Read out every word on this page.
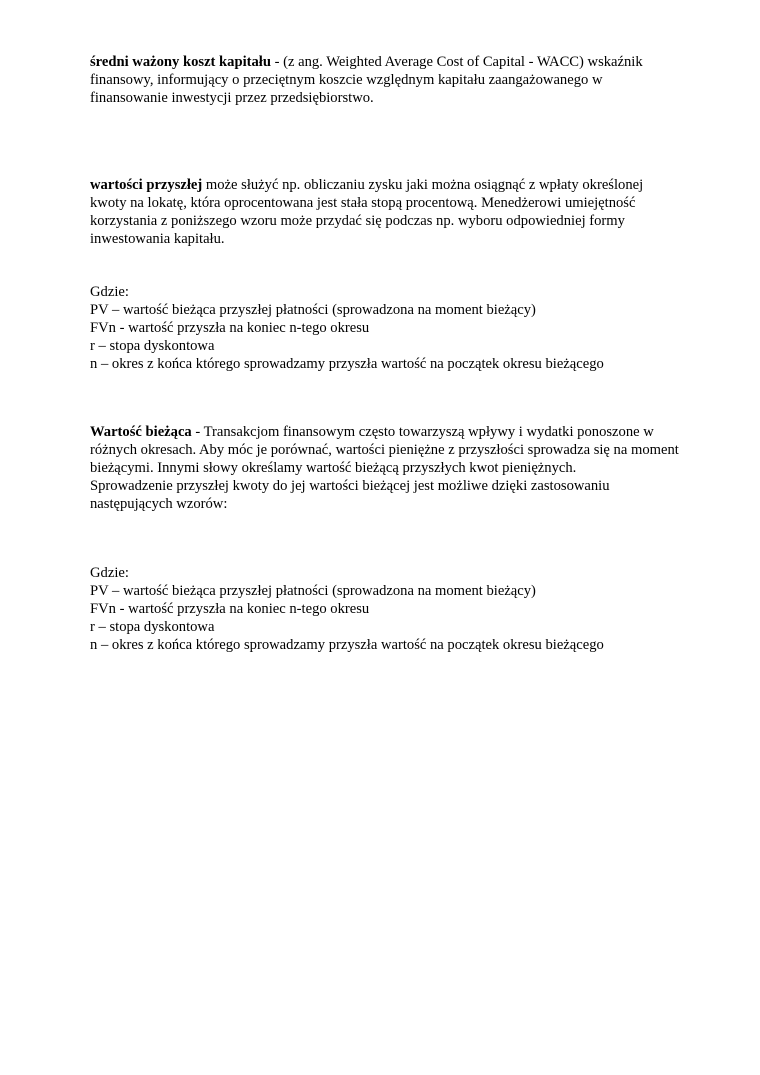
średni ważony koszt kapitału - (z ang. Weighted Average Cost of Capital - WACC) wskaźnik finansowy, informujący o przeciętnym koszcie względnym kapitału zaangażowanego w finansowanie inwestycji przez przedsiębiorstwo.

wartości przyszłej może służyć np. obliczaniu zysku jaki można osiągnąć z wpłaty określonej kwoty na lokatę, która oprocentowana jest stała stopą procentową. Menedżerowi umiejętność korzystania z poniższego wzoru może przydać się podczas np. wyboru odpowiedniej formy inwestowania kapitału.

Gdzie:

PV – wartość bieżąca przyszłej płatności (sprowadzona na moment bieżący)

FVn - wartość przyszła na koniec n-tego okresu

r – stopa dyskontowa

n – okres z końca którego sprowadzamy przyszła wartość na początek okresu bieżącego

Wartość bieżąca - Transakcjom finansowym często towarzyszą wpływy i wydatki ponoszone w różnych okresach. Aby móc je porównać, wartości pieniężne z przyszłości sprowadza się na moment bieżącymi. Innymi słowy określamy wartość bieżącą przyszłych kwot pieniężnych.

Sprowadzenie przyszłej kwoty do jej wartości bieżącej jest możliwe dzięki zastosowaniu następujących wzorów:

Gdzie:

PV – wartość bieżąca przyszłej płatności (sprowadzona na moment bieżący)

FVn - wartość przyszła na koniec n-tego okresu

r – stopa dyskontowa

n – okres z końca którego sprowadzamy przyszła wartość na początek okresu bieżącego
